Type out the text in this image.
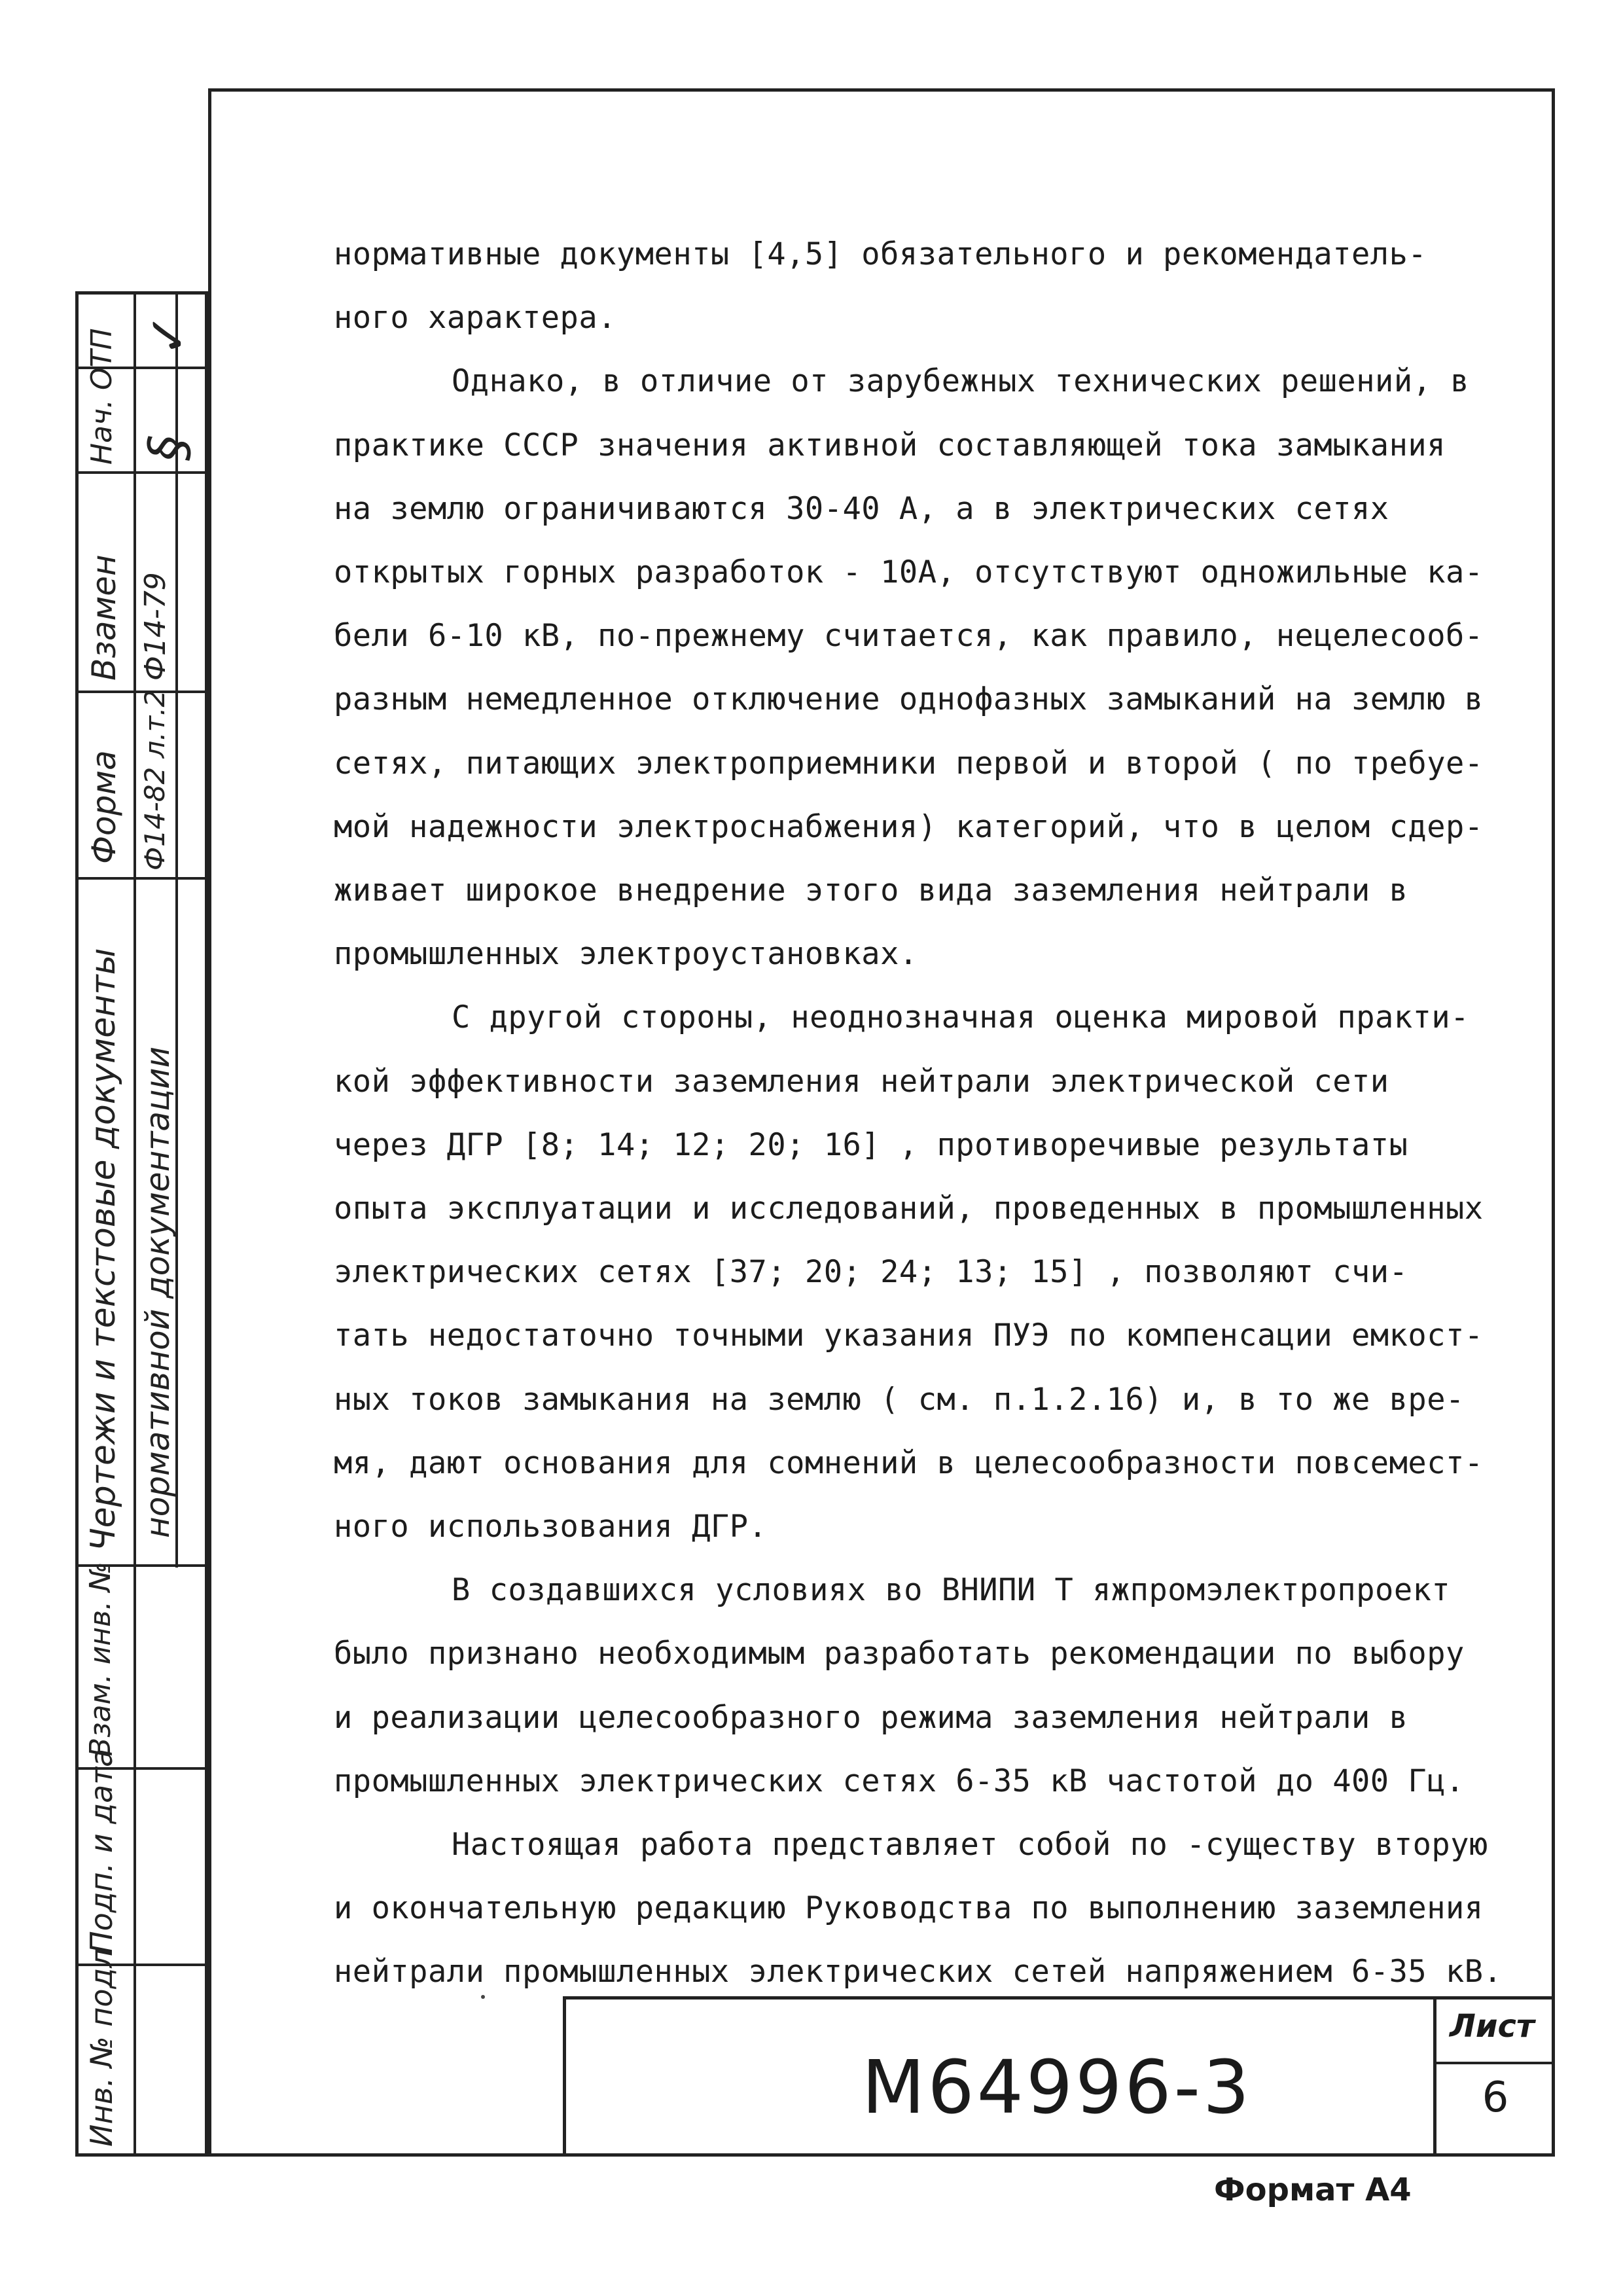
Инв. № подл
Подп. и дата
Взам. инв. №
Чертежи и текстовые документы нормативной документации
Форма Ф14-82 л.т.2
Взамен Ф14-79
Нач. ОТП §
✓
нормативные документы [4,5] обязательного и рекомендатель-
ного характера.
Однако, в отличие от зарубежных технических решений, в
практике СССР значения активной составляющей тока замыкания
на землю ограничиваются 30-40 А, а в электрических сетях
открытых горных разработок - 10А, отсутствуют одножильные ка-
бели 6-10 кВ, по-прежнему считается, как правило, нецелесооб-
разным немедленное отключение однофазных замыканий на землю в
сетях, питающих электроприемники первой и второй ( по требуе-
мой надежности электроснабжения) категорий, что в целом сдер-
живает широкое внедрение этого вида заземления нейтрали в
промышленных электроустановках.
С другой стороны, неоднозначная оценка мировой практи-
кой эффективности заземления нейтрали электрической сети
через ДГР [8; 14; 12; 20; 16] , противоречивые результаты
опыта эксплуатации и исследований, проведенных в промышленных
электрических сетях [37; 20; 24; 13; 15] , позволяют счи-
тать недостаточно точными указания ПУЭ по компенсации емкост-
ных токов замыкания на землю ( см. п.1.2.16) и, в то же вре-
мя, дают основания для сомнений в целесообразности повсемест-
ного использования ДГР.
В создавшихся условиях во ВНИПИ Т яжпромэлектропроект
было признано необходимым разработать рекомендации по выбору
и реализации целесообразного режима заземления нейтрали в
промышленных электрических сетях 6-35 кВ частотой до 400 Гц.
Настоящая работа представляет собой по -существу вторую
и окончательную редакцию Руководства по выполнению заземления
нейтрали промышленных электрических сетей напряжением 6-35 кВ.
М64996-3
Лист
6
Формат А4
